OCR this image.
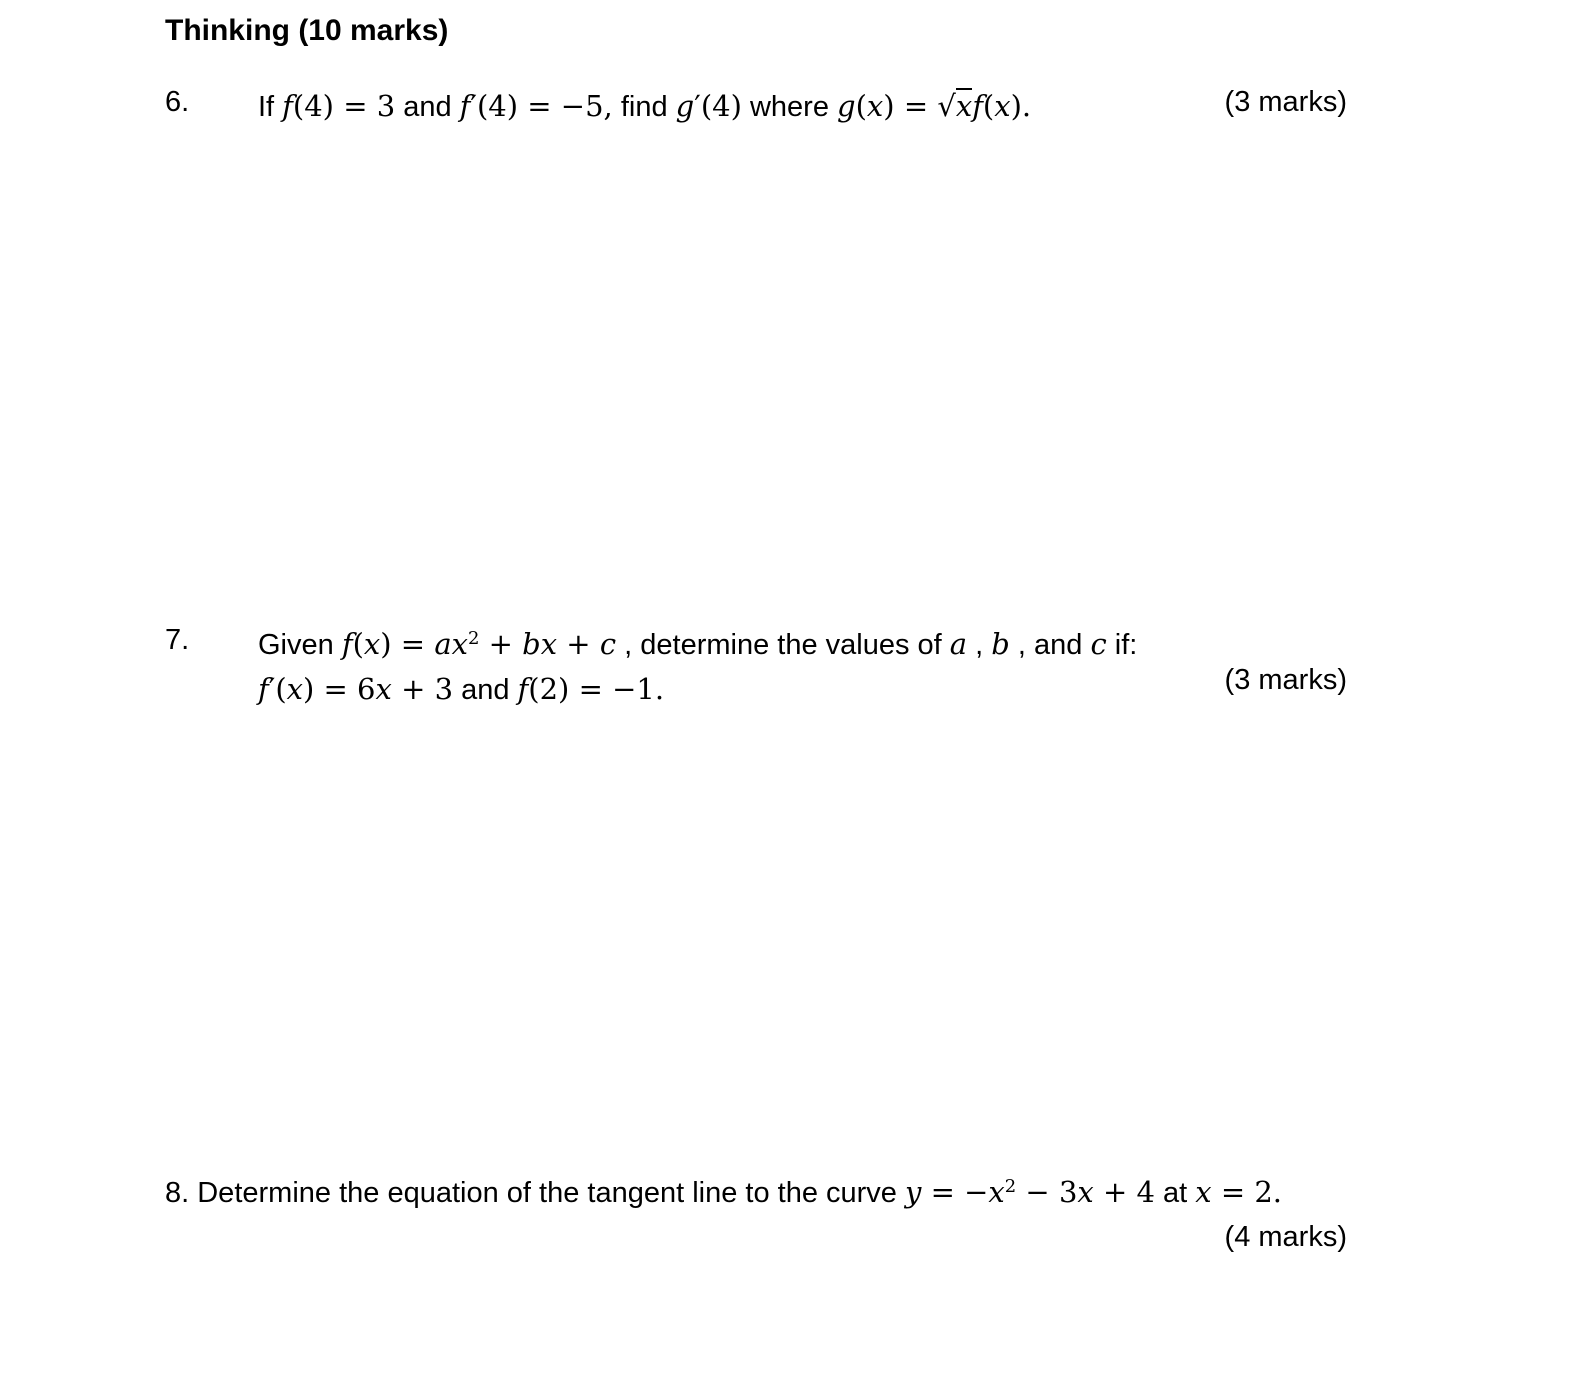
Thinking (10 marks)
6. If f(4) = 3 and f′(4) = −5, find g′(4) where g(x) = √xf(x).	(3 marks)
7. Given $f(x) = ax^2$ + bx + c , determine the values of a , b , and c if:
f′(x) = 6x + 3 and f(2) = −1.	(3 marks)
8. Determine the equation of the tangent line to the curve $y = -x^2 - 3x + 4$ at x = 2.
(4 marks)
